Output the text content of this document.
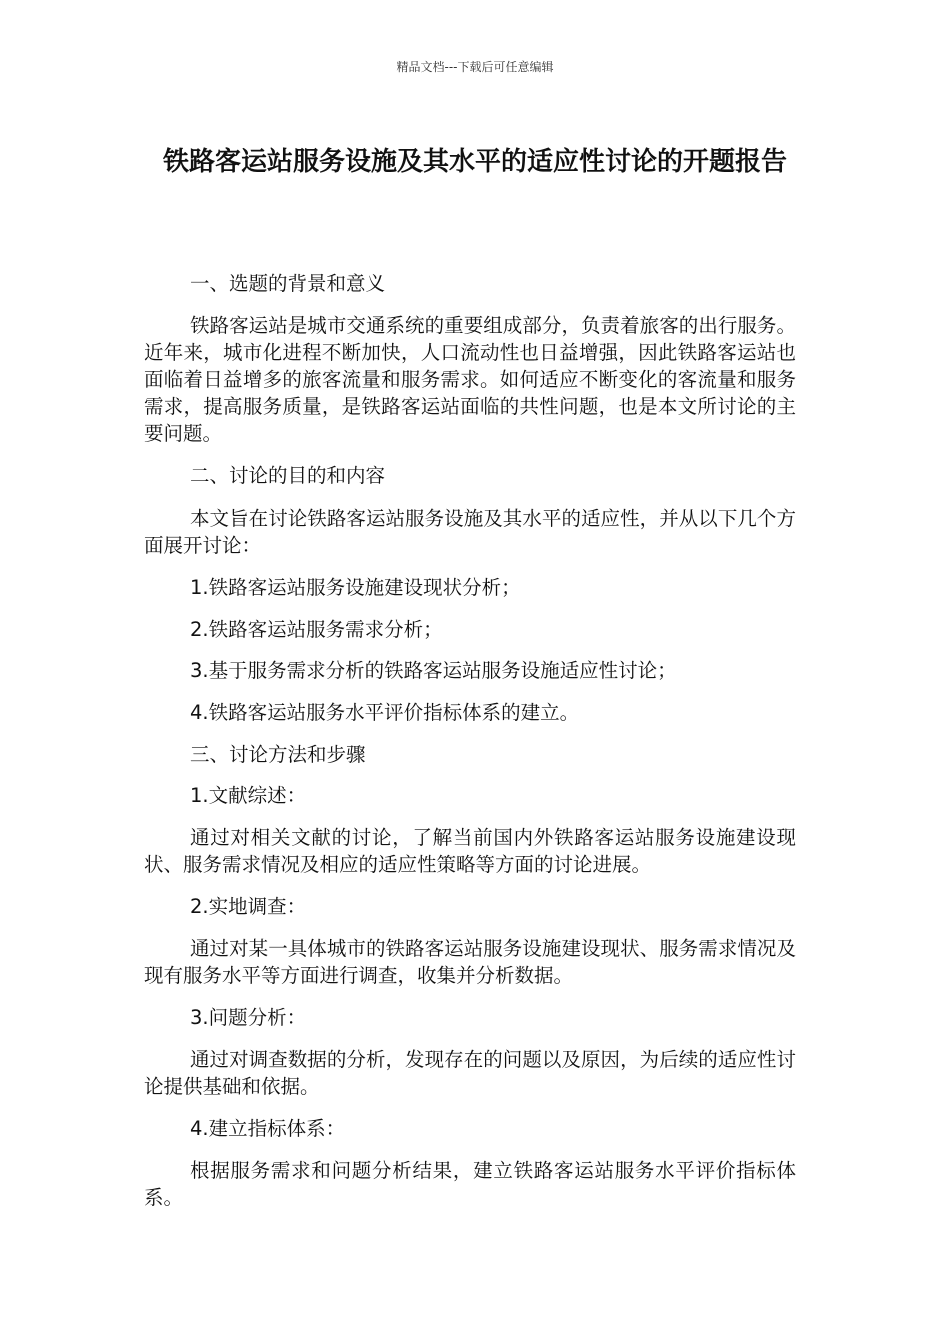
精品文档---下载后可任意编辑
铁路客运站服务设施及其水平的适应性讨论的开题报告

一、选题的背景和意义

铁路客运站是城市交通系统的重要组成部分，负责着旅客的出行服务。近年来，城市化进程不断加快，人口流动性也日益增强，因此铁路客运站也面临着日益增多的旅客流量和服务需求。如何适应不断变化的客流量和服务需求，提高服务质量，是铁路客运站面临的共性问题，也是本文所讨论的主要问题。

二、讨论的目的和内容

本文旨在讨论铁路客运站服务设施及其水平的适应性，并从以下几个方面展开讨论：

1.铁路客运站服务设施建设现状分析；

2.铁路客运站服务需求分析；

3.基于服务需求分析的铁路客运站服务设施适应性讨论；

4.铁路客运站服务水平评价指标体系的建立。

三、讨论方法和步骤

1.文献综述：

通过对相关文献的讨论，了解当前国内外铁路客运站服务设施建设现状、服务需求情况及相应的适应性策略等方面的讨论进展。

2.实地调查：

通过对某一具体城市的铁路客运站服务设施建设现状、服务需求情况及现有服务水平等方面进行调查，收集并分析数据。

3.问题分析：

通过对调查数据的分析，发现存在的问题以及原因，为后续的适应性讨论提供基础和依据。

4.建立指标体系：

根据服务需求和问题分析结果，建立铁路客运站服务水平评价指标体系。
